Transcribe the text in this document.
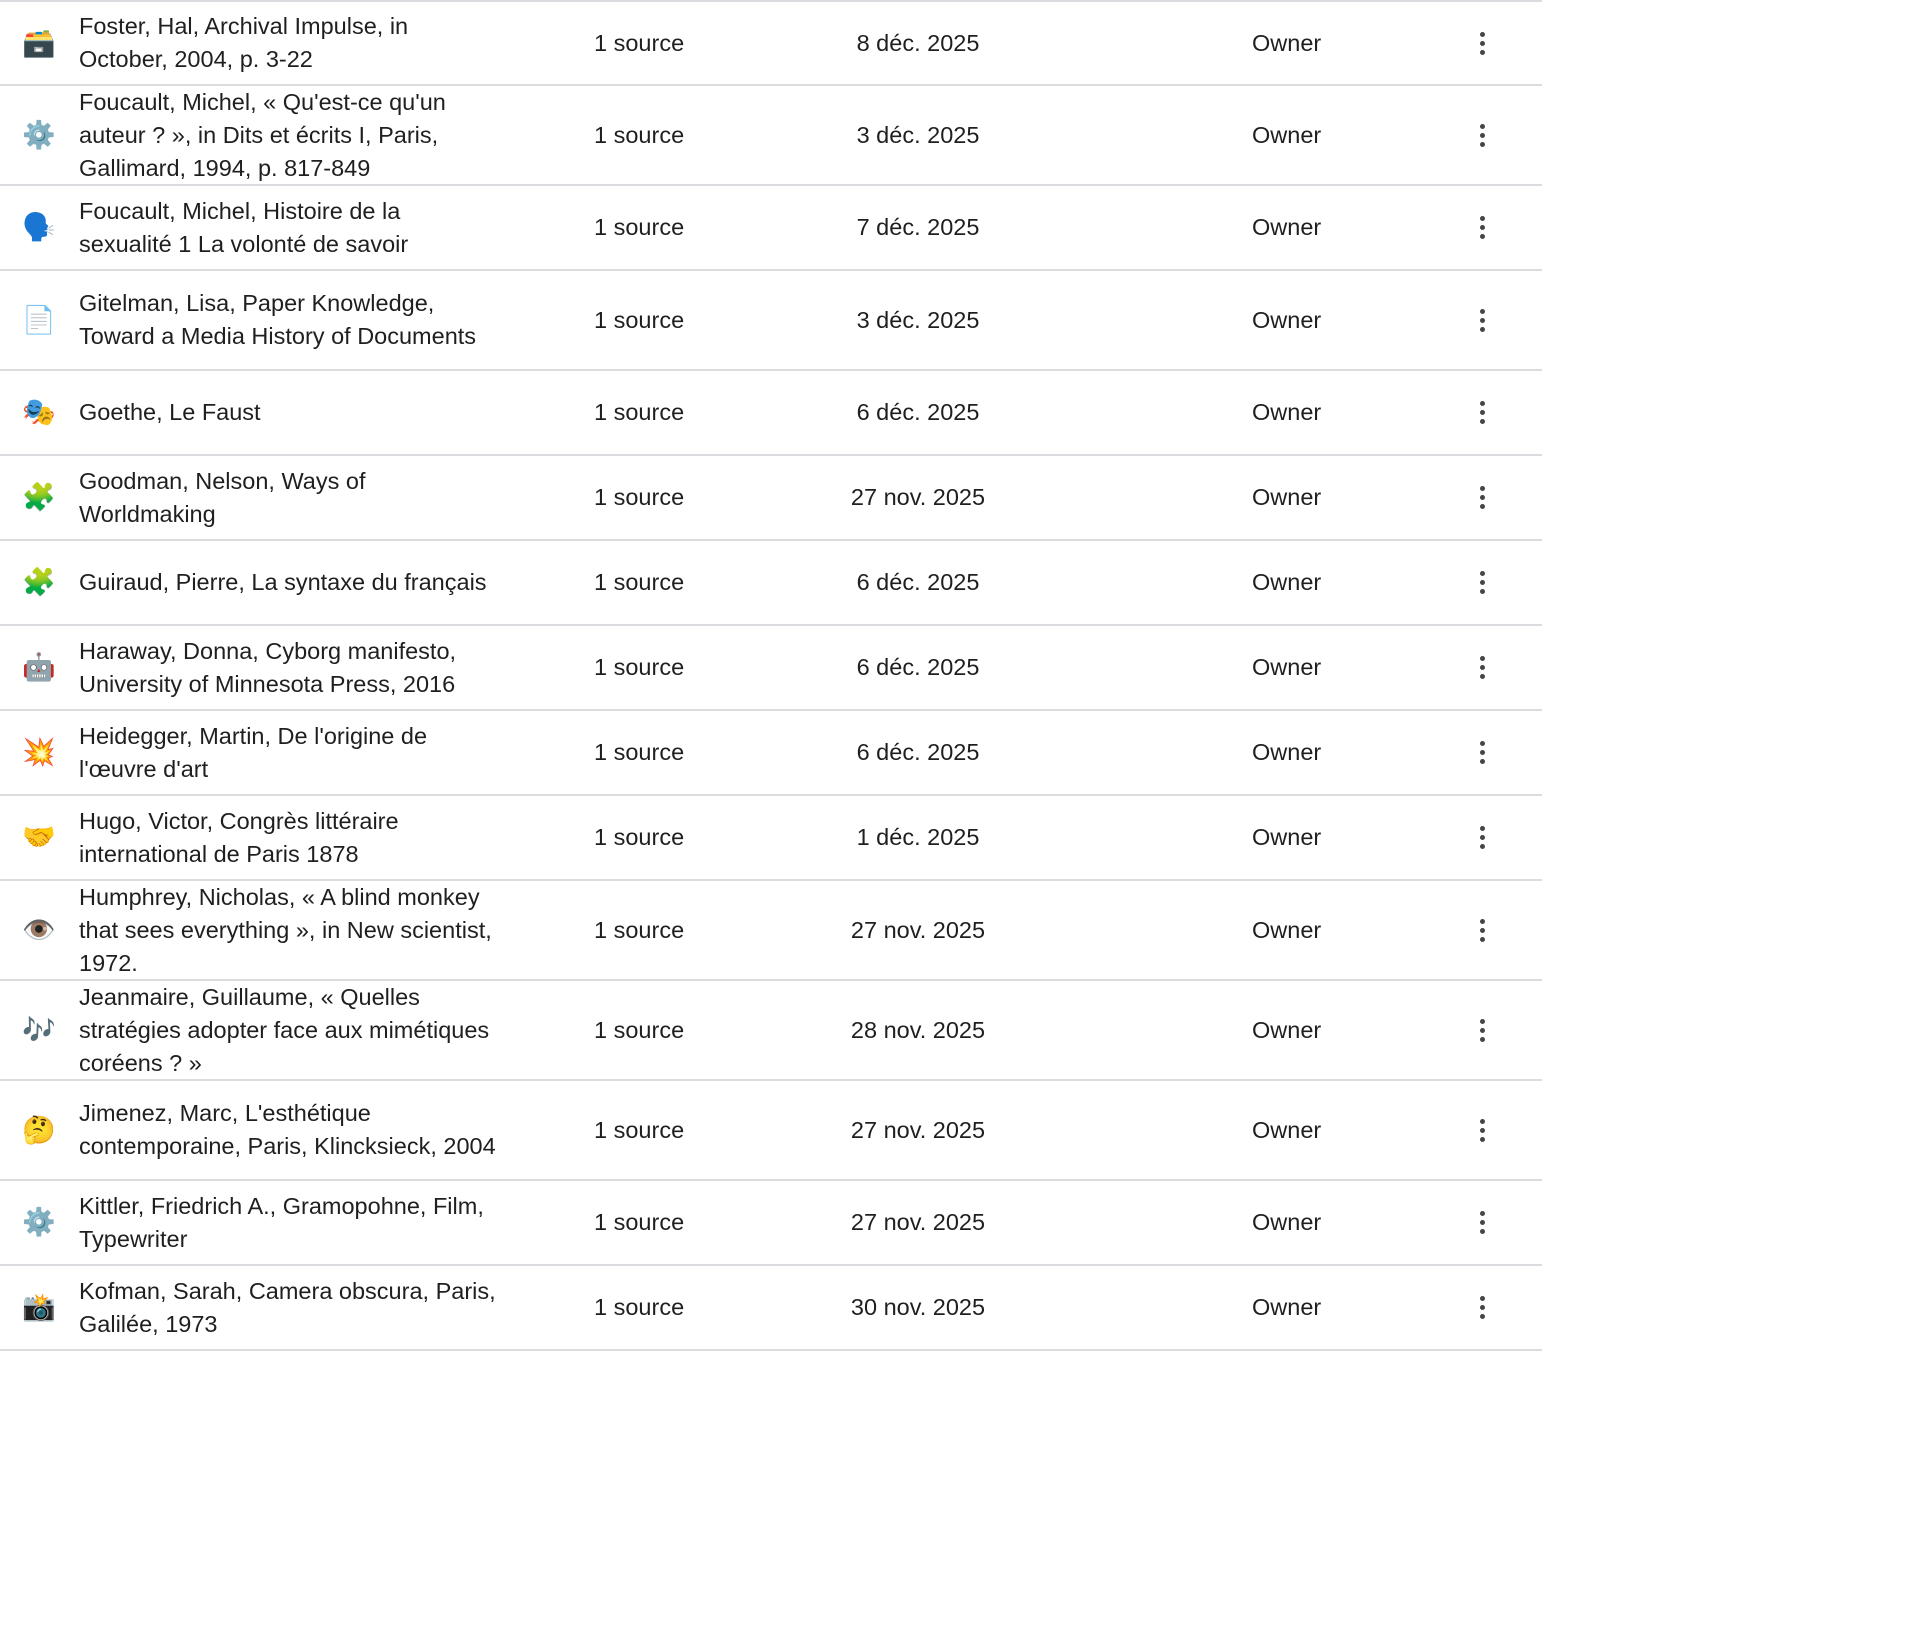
🗃️
Foster, Hal, Archival Impulse, in October, 2004, p. 3-22
1 source	8 déc. 2025	Owner
⚙️
Foucault, Michel, « Qu'est-ce qu'un auteur ? », in Dits et écrits I, Paris, Gallimard, 1994, p. 817-849
1 source	3 déc. 2025	Owner
🗣️
Foucault, Michel, Histoire de la sexualité 1 La volonté de savoir
1 source	7 déc. 2025	Owner
📄
Gitelman, Lisa, Paper Knowledge, Toward a Media History of Documents
1 source	3 déc. 2025	Owner
🎭 Goethe, Le Faust	1 source	6 déc. 2025	Owner
🧩
Goodman, Nelson, Ways of Worldmaking
1 source	27 nov. 2025	Owner
🧩 Guiraud, Pierre, La syntaxe du français	1 source	6 déc. 2025	Owner
🤖
Haraway, Donna, Cyborg manifesto, University of Minnesota Press, 2016
1 source	6 déc. 2025	Owner
💥
Heidegger, Martin, De l'origine de l'œuvre d'art
1 source	6 déc. 2025	Owner
🤝
Hugo, Victor, Congrès littéraire international de Paris 1878
1 source	1 déc. 2025	Owner
👁️
Humphrey, Nicholas, « A blind monkey that sees everything », in New scientist, 1972.
1 source	27 nov. 2025	Owner
🎶
Jeanmaire, Guillaume, « Quelles stratégies adopter face aux mimétiques coréens ? »
1 source	28 nov. 2025	Owner
🤔
Jimenez, Marc, L'esthétique contemporaine, Paris, Klincksieck, 2004
1 source	27 nov. 2025	Owner
⚙️
Kittler, Friedrich A., Gramopohne, Film, Typewriter
1 source	27 nov. 2025	Owner
📸
Kofman, Sarah, Camera obscura, Paris, Galilée, 1973
1 source	30 nov. 2025	Owner
